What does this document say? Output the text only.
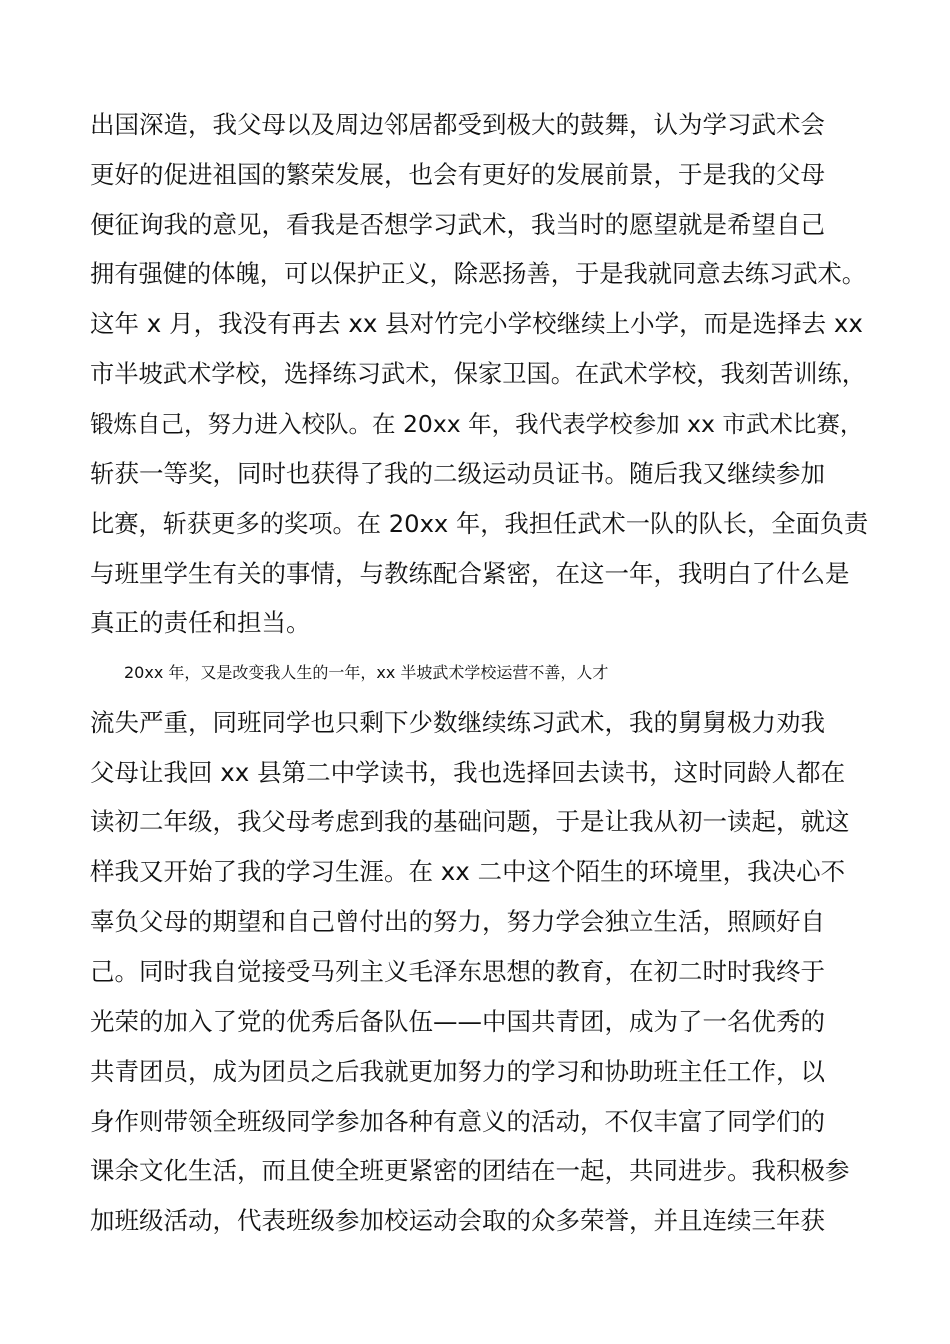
出国深造，我父母以及周边邻居都受到极大的鼓舞，认为学习武术会
更好的促进祖国的繁荣发展，也会有更好的发展前景，于是我的父母
便征询我的意见，看我是否想学习武术，我当时的愿望就是希望自己
拥有强健的体魄，可以保护正义，除恶扬善，于是我就同意去练习武术。
这年 x 月，我没有再去 xx 县对竹完小学校继续上小学，而是选择去 xx
市半坡武术学校，选择练习武术，保家卫国。在武术学校，我刻苦训练，
锻炼自己，努力进入校队。在 20xx 年，我代表学校参加 xx 市武术比赛，
斩获一等奖，同时也获得了我的二级运动员证书。随后我又继续参加
比赛，斩获更多的奖项。在 20xx 年，我担任武术一队的队长，全面负责
与班里学生有关的事情，与教练配合紧密，在这一年，我明白了什么是
真正的责任和担当。
20xx 年，又是改变我人生的一年，xx 半坡武术学校运营不善，人才
流失严重，同班同学也只剩下少数继续练习武术，我的舅舅极力劝我
父母让我回 xx 县第二中学读书，我也选择回去读书，这时同龄人都在
读初二年级，我父母考虑到我的基础问题，于是让我从初一读起，就这
样我又开始了我的学习生涯。在 xx 二中这个陌生的环境里，我决心不
辜负父母的期望和自己曾付出的努力，努力学会独立生活，照顾好自
己。同时我自觉接受马列主义毛泽东思想的教育，在初二时时我终于
光荣的加入了党的优秀后备队伍——中国共青团，成为了一名优秀的
共青团员，成为团员之后我就更加努力的学习和协助班主任工作，以
身作则带领全班级同学参加各种有意义的活动，不仅丰富了同学们的
课余文化生活，而且使全班更紧密的团结在一起，共同进步。我积极参
加班级活动，代表班级参加校运动会取的众多荣誉，并且连续三年获
